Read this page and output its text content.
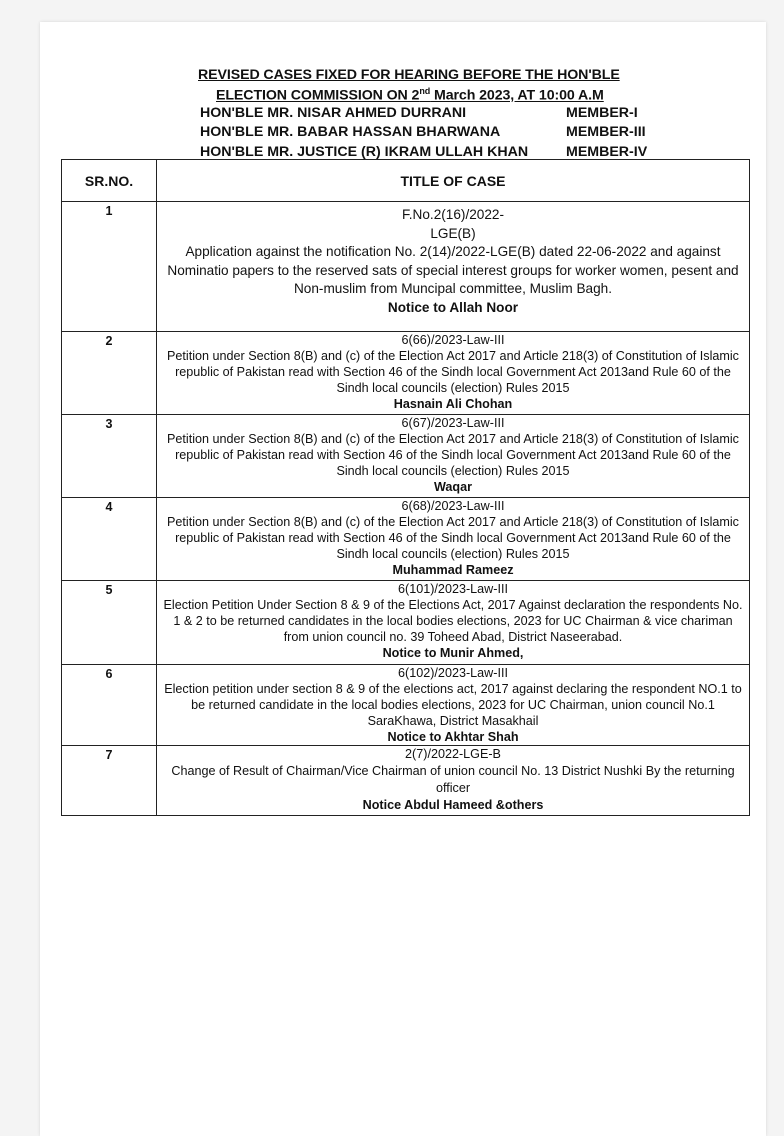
REVISED CASES FIXED FOR HEARING BEFORE THE HON'BLE
ELECTION COMMISSION ON 2nd March 2023, AT 10:00 A.M
HON'BLE MR. NISAR AHMED DURRANI	MEMBER-I
HON'BLE MR. BABAR HASSAN BHARWANA	MEMBER-III
HON'BLE MR. JUSTICE (R) IKRAM ULLAH KHAN	MEMBER-IV
SR.NO.	TITLE OF CASE
1	F.No.2(16)/2022-
LGE(B)
Application against the notification No. 2(14)/2022-LGE(B) dated 22-06-2022 and against Nominatio papers to the reserved sats of special interest groups for worker women, pesent and Non-muslim from Muncipal committee, Muslim Bagh.
Notice to Allah Noor

2	6(66)/2023-Law-III
Petition under Section 8(B) and (c) of the Election Act 2017 and Article 218(3) of Constitution of Islamic republic of Pakistan read with Section 46 of the Sindh local Government Act 2013and Rule 60 of the Sindh local councils (election) Rules 2015
Hasnain Ali Chohan

3	6(67)/2023-Law-III
Petition under Section 8(B) and (c) of the Election Act 2017 and Article 218(3) of Constitution of Islamic republic of Pakistan read with Section 46 of the Sindh local Government Act 2013and Rule 60 of the Sindh local councils (election) Rules 2015
Waqar

4	6(68)/2023-Law-III
Petition under Section 8(B) and (c) of the Election Act 2017 and Article 218(3) of Constitution of Islamic republic of Pakistan read with Section 46 of the Sindh local Government Act 2013and Rule 60 of the Sindh local councils (election) Rules 2015
Muhammad Rameez

5	6(101)/2023-Law-III
Election Petition Under Section 8 & 9 of the Elections Act, 2017 Against declaration the respondents No. 1 & 2 to be returned candidates in the local bodies elections, 2023 for UC Chairman & vice chariman from union council no. 39 Toheed Abad, District Naseerabad.
Notice to Munir Ahmed,

6	6(102)/2023-Law-III
Election petition under section 8 & 9 of the elections act, 2017 against declaring the respondent NO.1 to be returned candidate in the local bodies elections, 2023 for UC Chairman, union council No.1 SaraKhawa, District Masakhail
Notice to Akhtar Shah

7	2(7)/2022-LGE-B
Change of Result of Chairman/Vice Chairman of union council No. 13 District Nushki By the returning officer
Notice Abdul Hameed &others
